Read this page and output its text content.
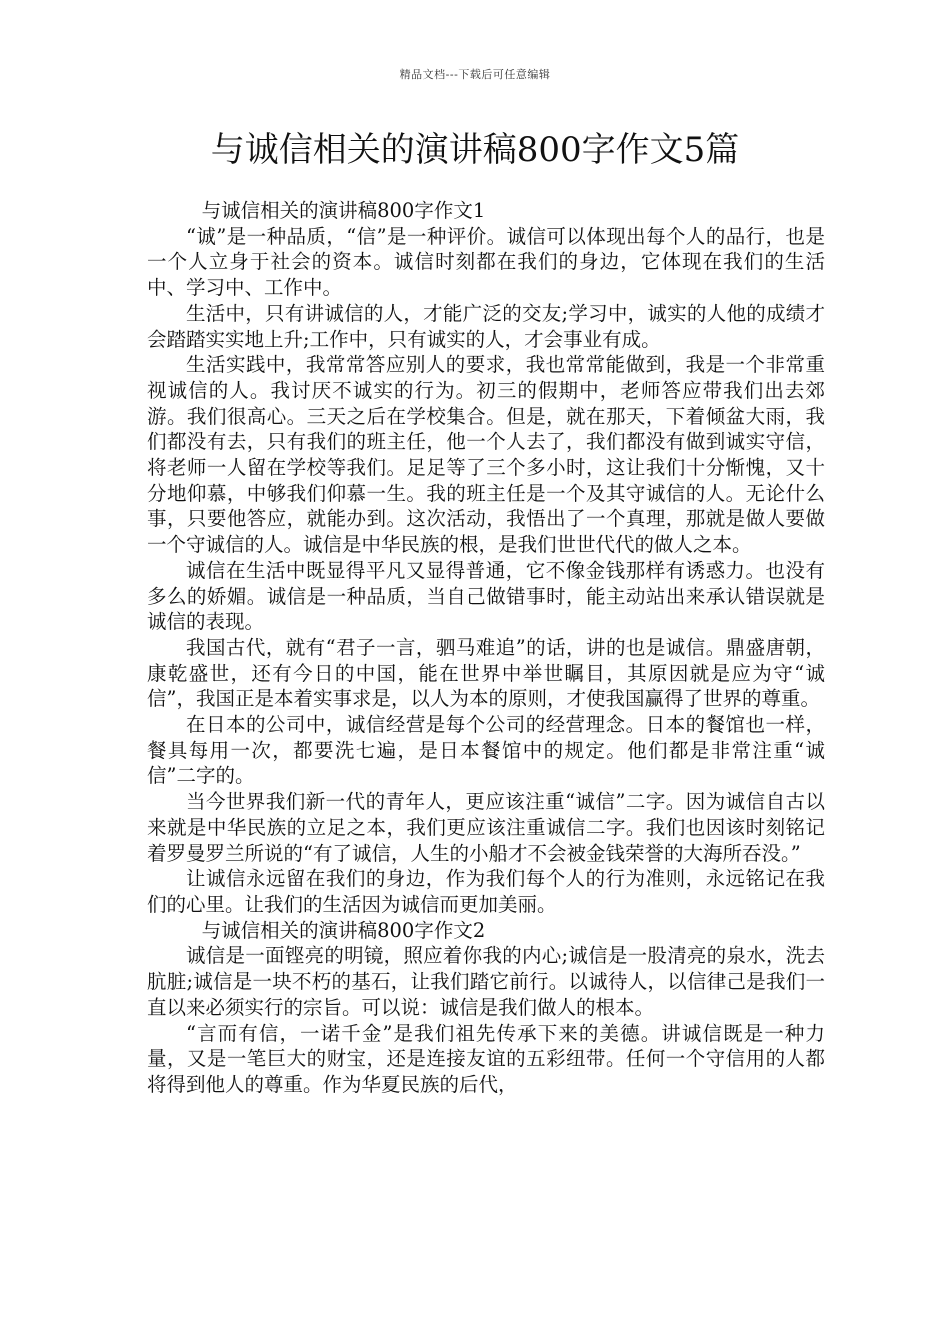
精品文档---下载后可任意编辑
与诚信相关的演讲稿800字作文5篇

与诚信相关的演讲稿800字作文1

“诚”是一种品质，“信”是一种评价。诚信可以体现出每个人的品行，也是一个人立身于社会的资本。诚信时刻都在我们的身边，它体现在我们的生活中、学习中、工作中。

生活中，只有讲诚信的人，才能广泛的交友;学习中，诚实的人他的成绩才会踏踏实实地上升;工作中，只有诚实的人，才会事业有成。

生活实践中，我常常答应别人的要求，我也常常能做到，我是一个非常重视诚信的人。我讨厌不诚实的行为。初三的假期中，老师答应带我们出去郊游。我们很高心。三天之后在学校集合。但是，就在那天，下着倾盆大雨，我们都没有去，只有我们的班主任，他一个人去了，我们都没有做到诚实守信，将老师一人留在学校等我们。足足等了三个多小时，这让我们十分惭愧，又十分地仰慕，中够我们仰慕一生。我的班主任是一个及其守诚信的人。无论什么事，只要他答应，就能办到。这次活动，我悟出了一个真理，那就是做人要做一个守诚信的人。诚信是中华民族的根，是我们世世代代的做人之本。

诚信在生活中既显得平凡又显得普通，它不像金钱那样有诱惑力。也没有多么的娇媚。诚信是一种品质，当自己做错事时，能主动站出来承认错误就是诚信的表现。

我国古代，就有“君子一言，驷马难追”的话，讲的也是诚信。鼎盛唐朝，康乾盛世，还有今日的中国，能在世界中举世瞩目，其原因就是应为守“诚信”，我国正是本着实事求是，以人为本的原则，才使我国赢得了世界的尊重。

在日本的公司中，诚信经营是每个公司的经营理念。日本的餐馆也一样，餐具每用一次，都要洗七遍，是日本餐馆中的规定。他们都是非常注重“诚信”二字的。

当今世界我们新一代的青年人，更应该注重“诚信”二字。因为诚信自古以来就是中华民族的立足之本，我们更应该注重诚信二字。我们也因该时刻铭记着罗曼罗兰所说的“有了诚信，人生的小船才不会被金钱荣誉的大海所吞没。”

让诚信永远留在我们的身边，作为我们每个人的行为准则，永远铭记在我们的心里。让我们的生活因为诚信而更加美丽。

与诚信相关的演讲稿800字作文2

诚信是一面铿亮的明镜，照应着你我的内心;诚信是一股清亮的泉水，洗去肮脏;诚信是一块不朽的基石，让我们踏它前行。以诚待人，以信律己是我们一直以来必须实行的宗旨。可以说：诚信是我们做人的根本。

“言而有信，一诺千金”是我们祖先传承下来的美德。讲诚信既是一种力量，又是一笔巨大的财宝，还是连接友谊的五彩纽带。任何一个守信用的人都将得到他人的尊重。作为华夏民族的后代，
